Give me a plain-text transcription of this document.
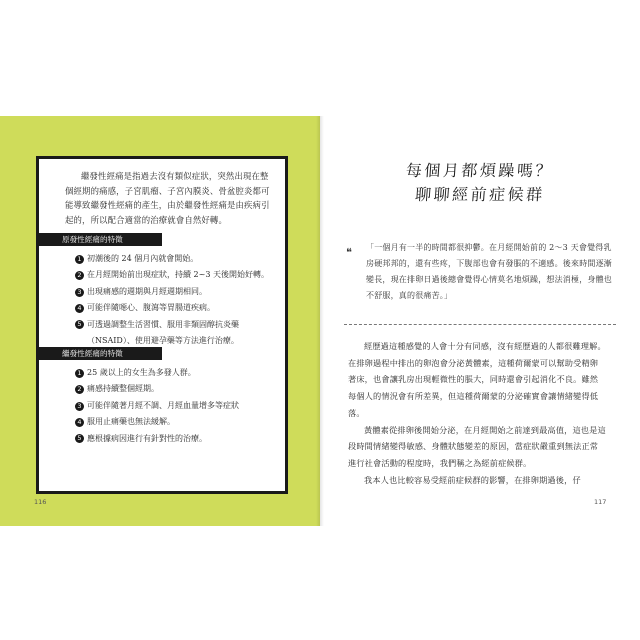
繼發性經痛是指過去沒有類似症狀，突然出現在整個經期的痛感，子宮肌瘤、子宮內膜炎、骨盆腔炎都可能導致繼發性經痛的產生，由於繼發性經痛是由疾病引起的，所以配合適當的治療就會自然好轉。

原發性經痛的特徵
1 初潮後的 24 個月內就會開始。
2 在月經開始前出現症狀，持續 2~3 天後開始好轉。
3 出現痛感的週期與月經週期相同。
4 可能伴隨噁心、腹瀉等胃腸道疾病。
5 可透過調整生活習慣、服用非類固醇抗炎藥
（NSAID）、使用避孕藥等方法進行治療。
繼發性經痛的特徵
1 25 歲以上的女生為多發人群。
2 痛感持續整個經期。
3 可能伴隨著月經不調、月經血量增多等症狀
4 服用止痛藥也無法緩解。
5 應根據病因進行有針對性的治療。
116
每個月都煩躁嗎？
聊聊經前症候群
❝	「一個月有一半的時間都很抑鬱。在月經開始前的 2～3 天會覺得乳房硬邦邦的，還有些疼，下腹部也會有發脹的不適感。後來時間逐漸變長，現在排卵日過後總會覺得心情莫名地煩躁，想法消極，身體也不舒服，真的很痛苦。」

經歷過這種感覺的人會十分有同感，沒有經歷過的人都很難理解。在排卵過程中排出的卵泡會分泌黃體素，這種荷爾蒙可以幫助受精卵著床，也會讓乳房出現輕微性的脹大，同時還會引起消化不良。雖然每個人的情況會有所差異，但這種荷爾蒙的分泌確實會讓情緒變得低落。

黃體素從排卵後開始分泌，在月經開始之前達到最高值，這也是這段時間情緒變得敏感、身體狀態變差的原因，當症狀嚴重到無法正常進行社會活動的程度時，我們稱之為經前症候群。

我本人也比較容易受經前症候群的影響，在排卵期過後，仔

117
